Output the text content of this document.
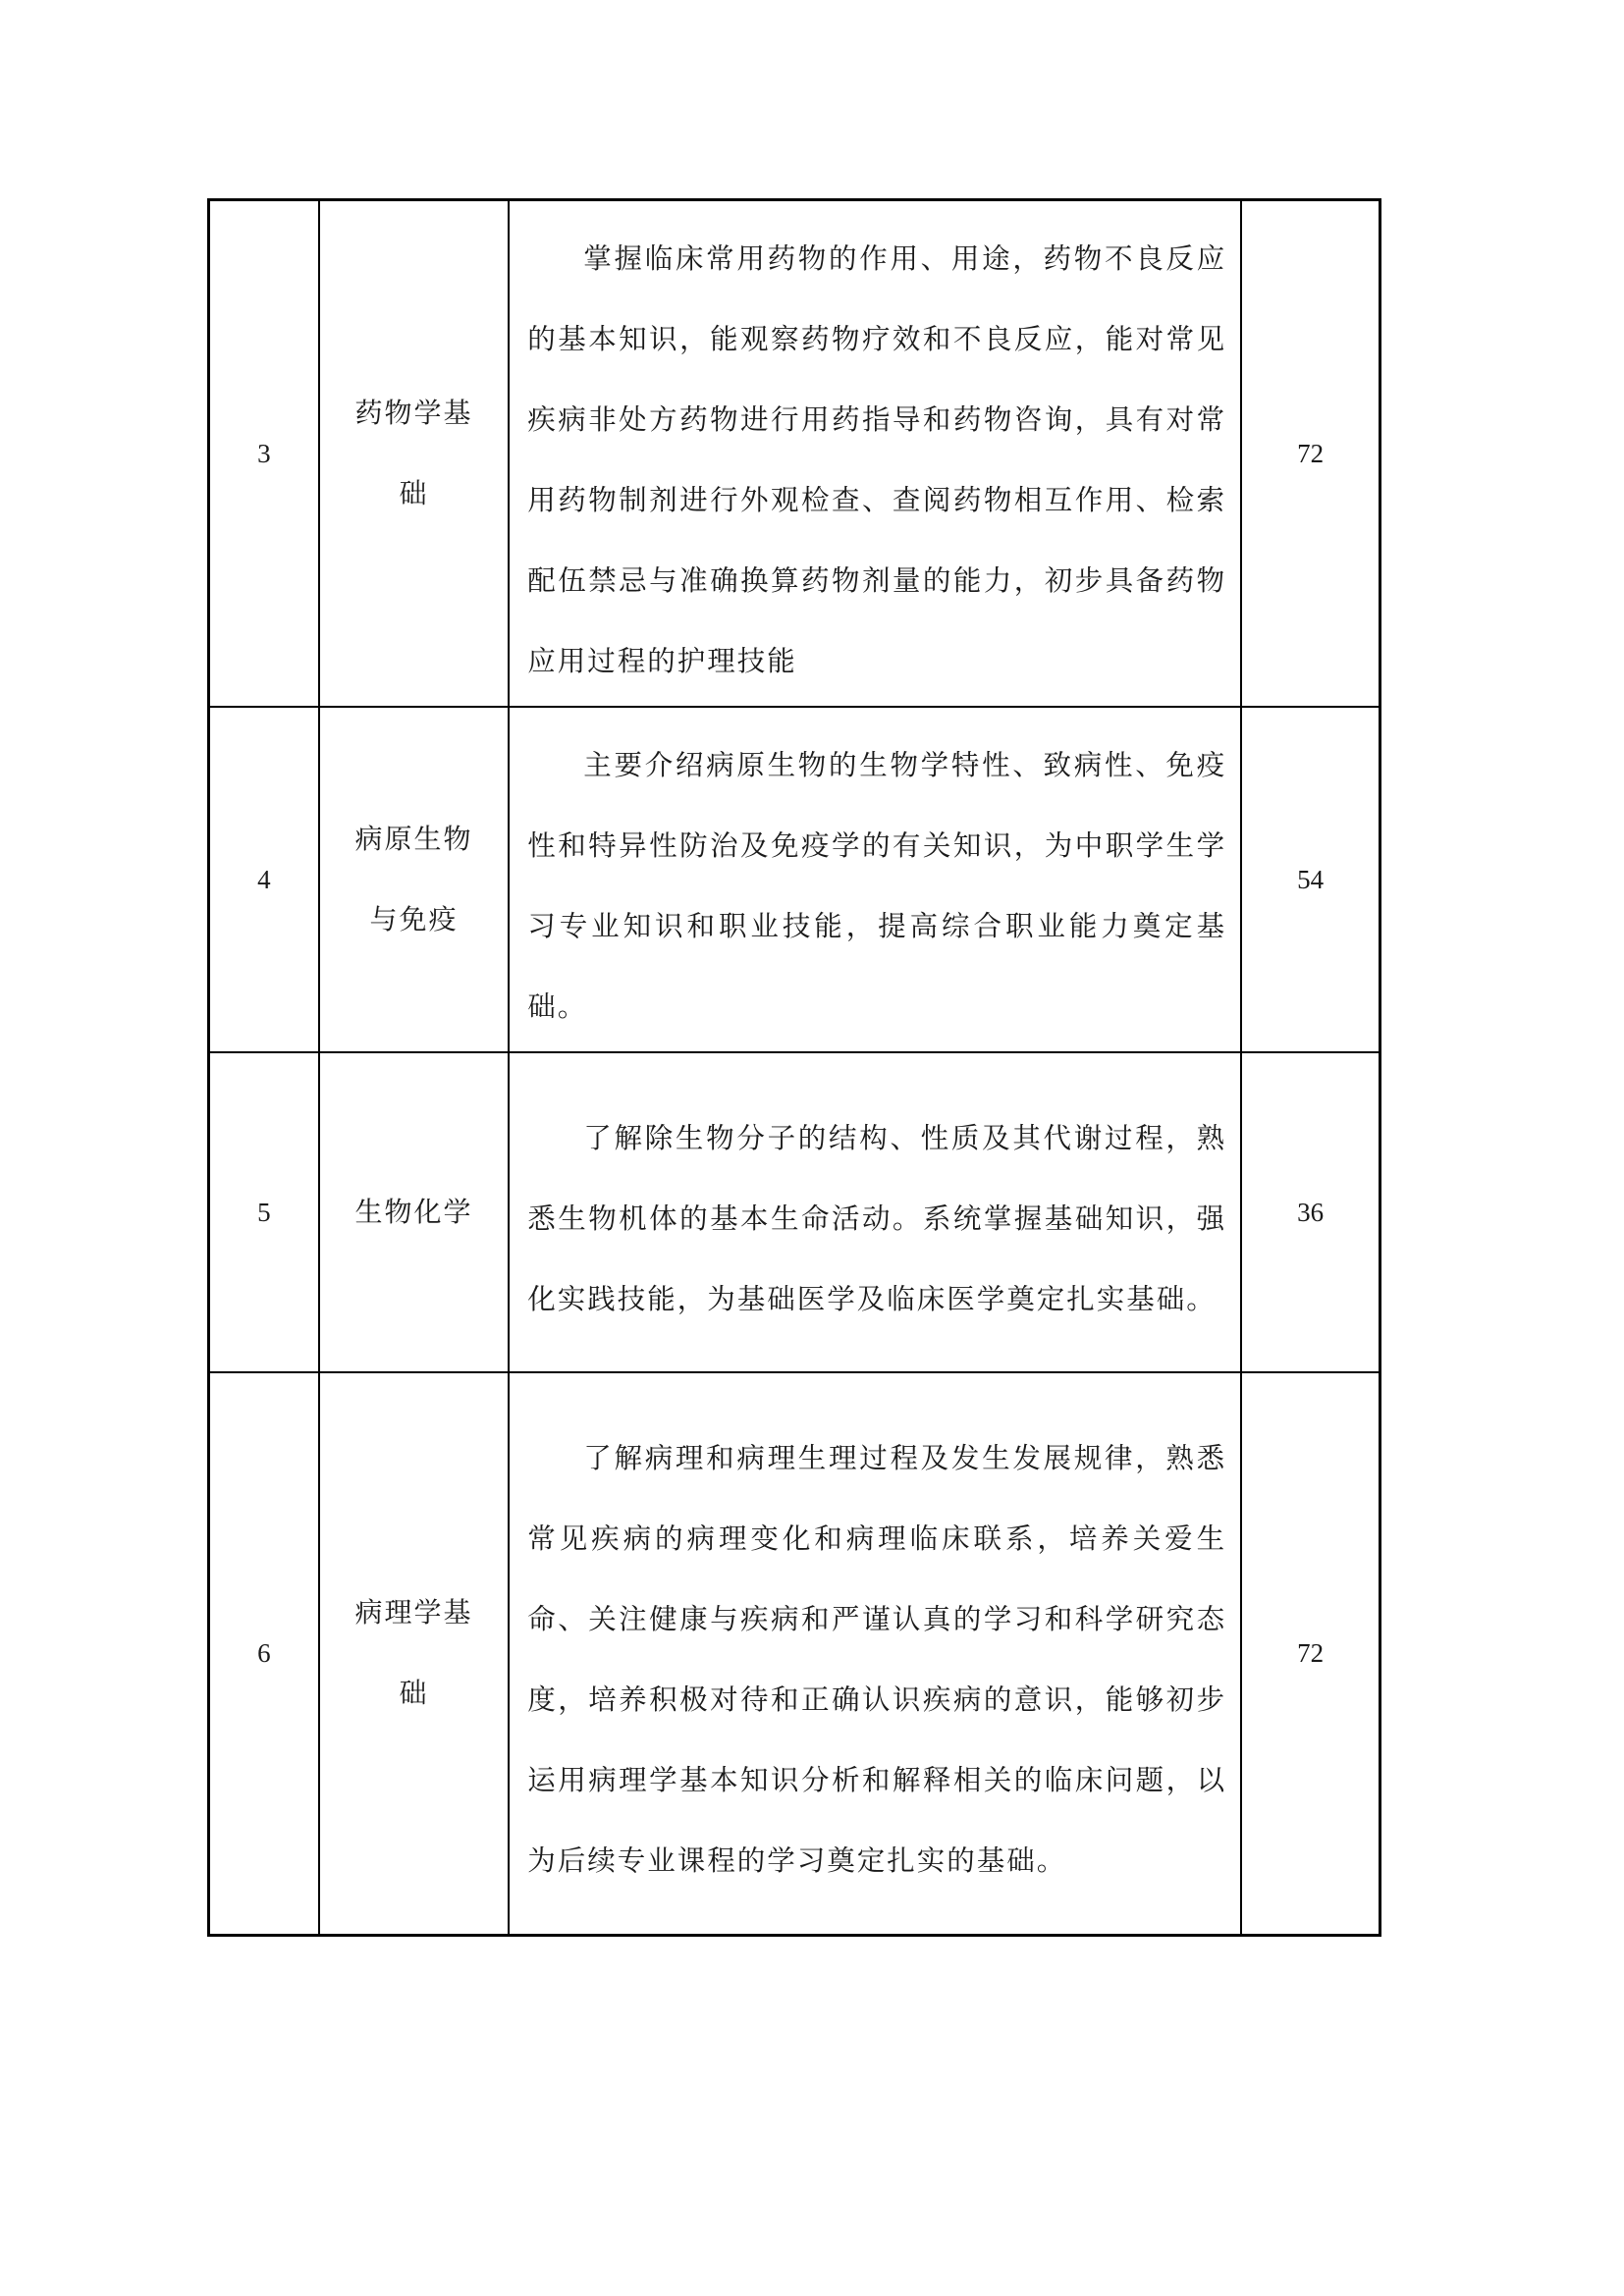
3	药物学基础	掌握临床常用药物的作用、用途，药物不良反应的基本知识，能观察药物疗效和不良反应，能对常见疾病非处方药物进行用药指导和药物咨询，具有对常用药物制剂进行外观检查、查阅药物相互作用、检索配伍禁忌与准确换算药物剂量的能力，初步具备药物应用过程的护理技能	72
4	病原生物与免疫	主要介绍病原生物的生物学特性、致病性、免疫性和特异性防治及免疫学的有关知识，为中职学生学习专业知识和职业技能，提高综合职业能力奠定基础。	54
5	生物化学	了解除生物分子的结构、性质及其代谢过程，熟悉生物机体的基本生命活动。系统掌握基础知识，强化实践技能，为基础医学及临床医学奠定扎实基础。	36
6	病理学基础	了解病理和病理生理过程及发生发展规律，熟悉常见疾病的病理变化和病理临床联系，培养关爱生命、关注健康与疾病和严谨认真的学习和科学研究态度，培养积极对待和正确认识疾病的意识，能够初步运用病理学基本知识分析和解释相关的临床问题，以为后续专业课程的学习奠定扎实的基础。	72
